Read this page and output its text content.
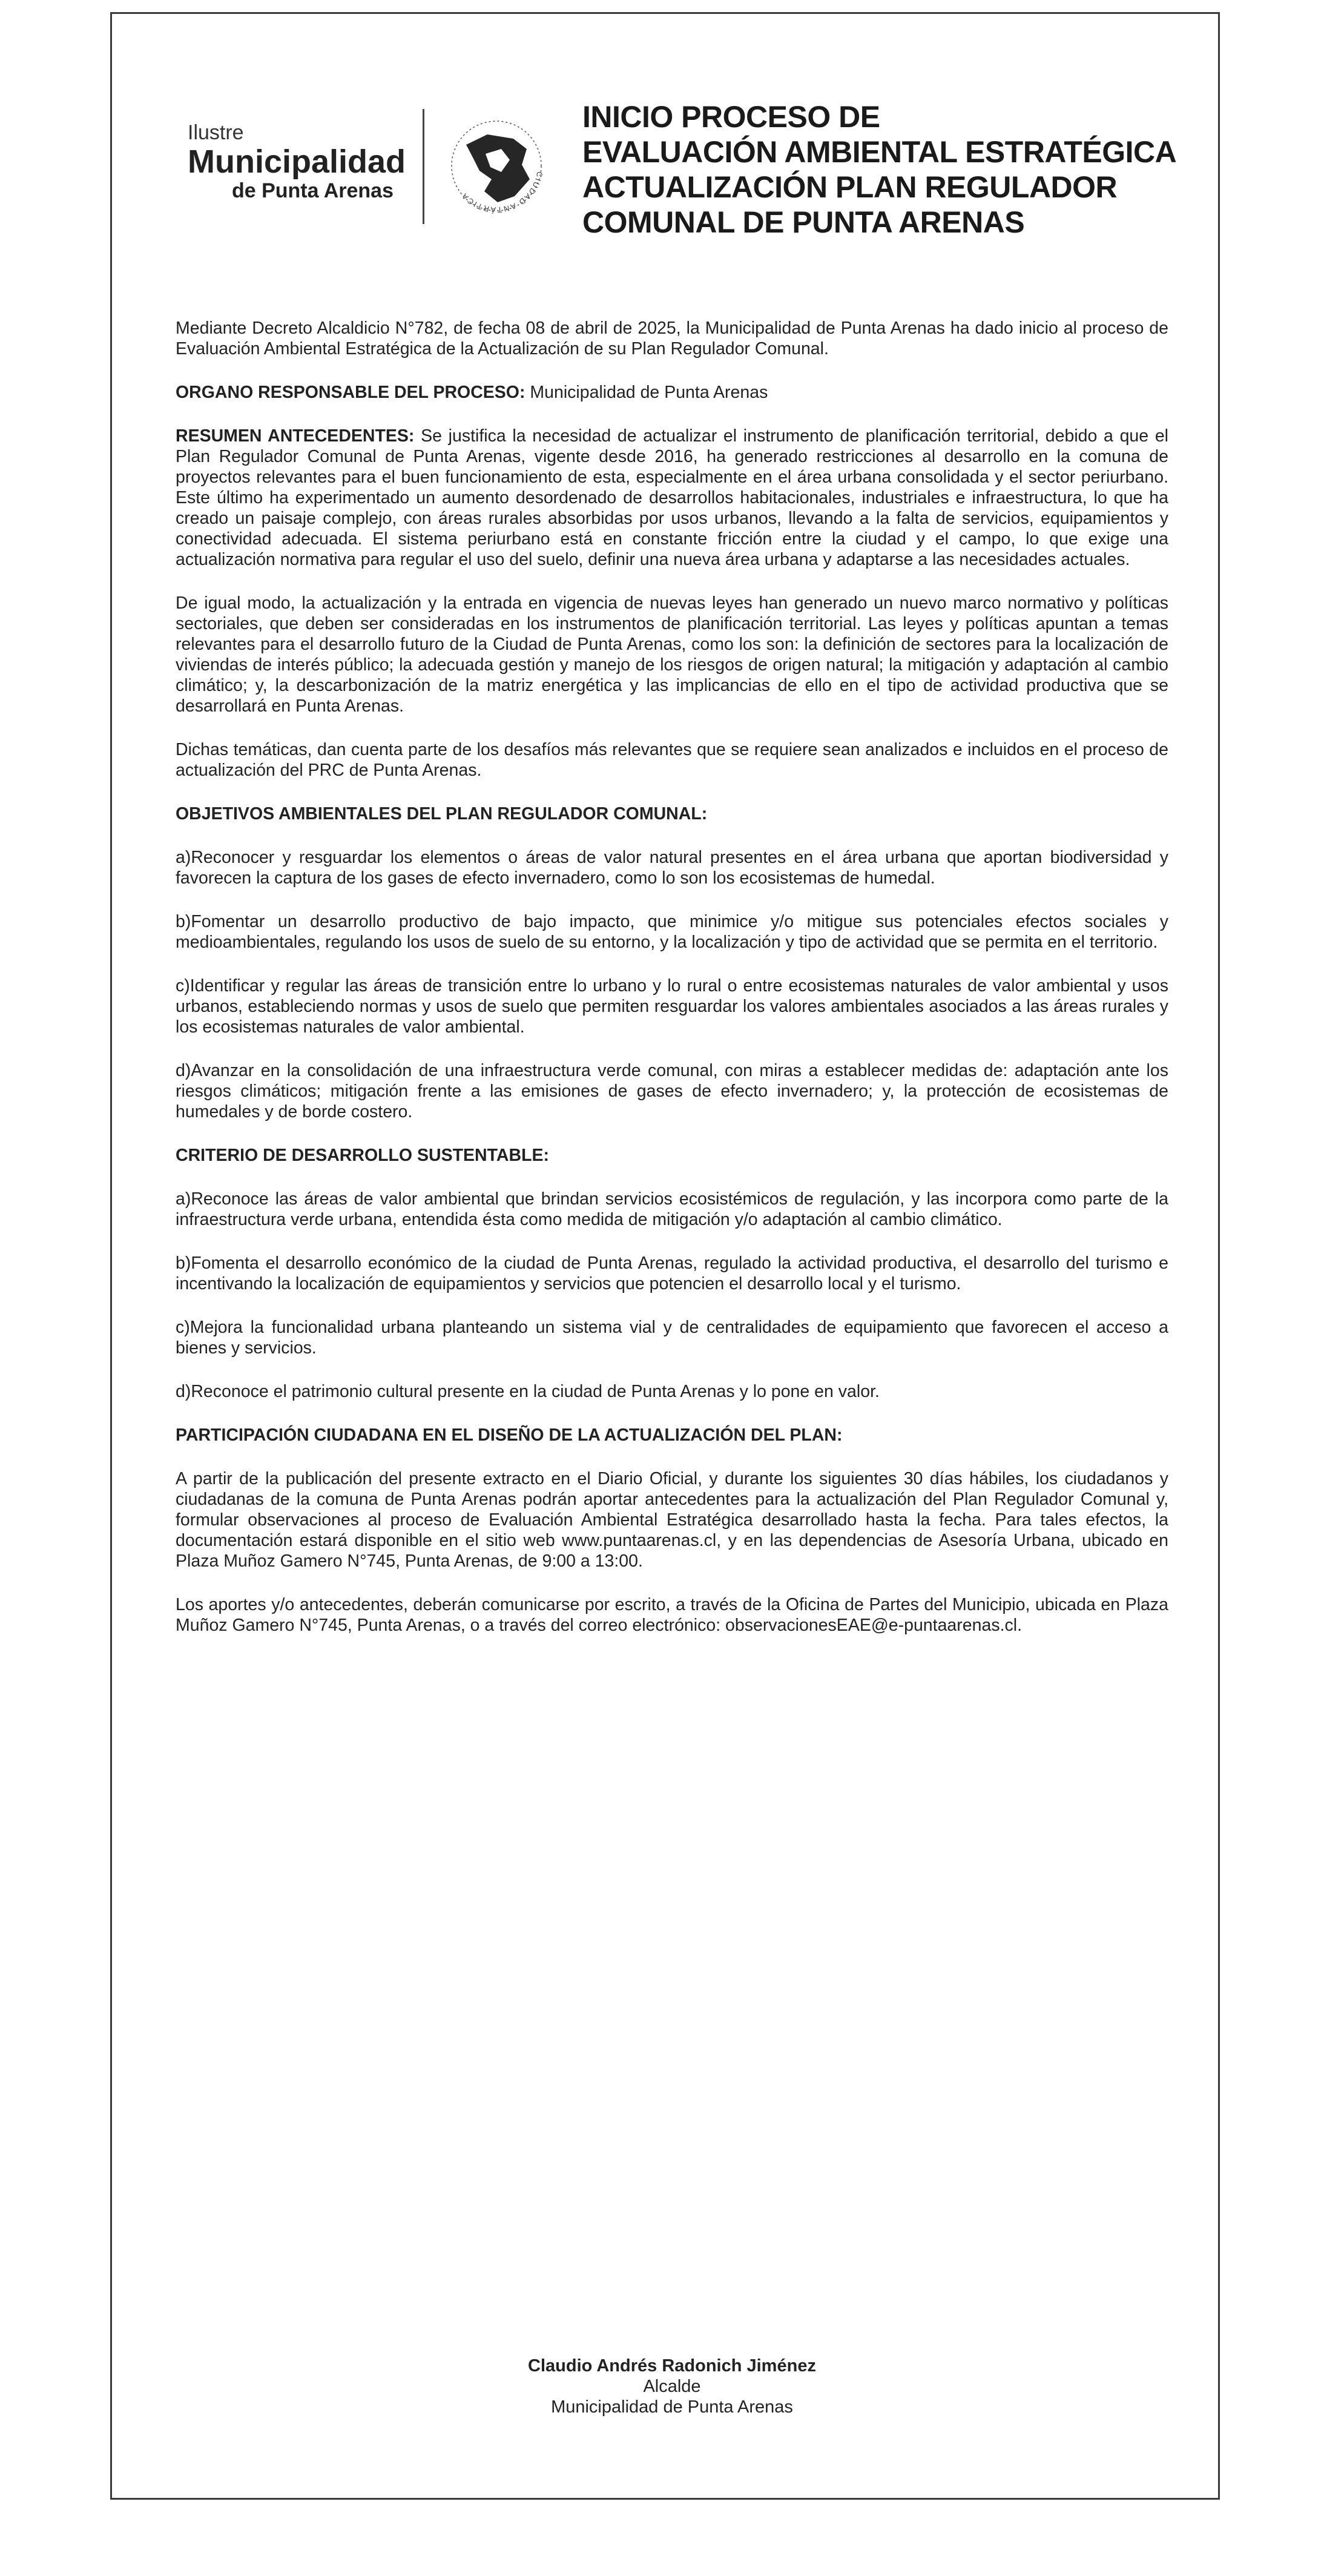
Ilustre
Municipalidad
de Punta Arenas
CIUDAD ANTÁRTICA
INICIO PROCESO DE
EVALUACIÓN AMBIENTAL ESTRATÉGICA
ACTUALIZACIÓN PLAN REGULADOR
COMUNAL DE PUNTA ARENAS

Mediante Decreto Alcaldicio N°782, de fecha 08 de abril de 2025, la Municipalidad de Punta Arenas ha dado inicio al proceso de Evaluación Ambiental Estratégica de la Actualización de su Plan Regulador Comunal.

ORGANO RESPONSABLE DEL PROCESO: Municipalidad de Punta Arenas

RESUMEN ANTECEDENTES: Se justifica la necesidad de actualizar el instrumento de planificación territorial, debido a que el Plan Regulador Comunal de Punta Arenas, vigente desde 2016, ha generado restricciones al desarrollo en la comuna de proyectos relevantes para el buen funcionamiento de esta, especialmente en el área urbana consolidada y el sector periurbano. Este último ha experimentado un aumento desordenado de desarrollos habitacionales, industriales e infraestructura, lo que ha creado un paisaje complejo, con áreas rurales absorbidas por usos urbanos, llevando a la falta de servicios, equipamientos y conectividad adecuada. El sistema periurbano está en constante fricción entre la ciudad y el campo, lo que exige una actualización normativa para regular el uso del suelo, definir una nueva área urbana y adaptarse a las necesidades actuales.

De igual modo, la actualización y la entrada en vigencia de nuevas leyes han generado un nuevo marco normativo y políticas sectoriales, que deben ser consideradas en los instrumentos de planificación territorial. Las leyes y políticas apuntan a temas relevantes para el desarrollo futuro de la Ciudad de Punta Arenas, como los son: la definición de sectores para la localización de viviendas de interés público; la adecuada gestión y manejo de los riesgos de origen natural; la mitigación y adaptación al cambio climático; y, la descarbonización de la matriz energética y las implicancias de ello en el tipo de actividad productiva que se desarrollará en Punta Arenas.

Dichas temáticas, dan cuenta parte de los desafíos más relevantes que se requiere sean analizados e incluidos en el proceso de actualización del PRC de Punta Arenas.

OBJETIVOS AMBIENTALES DEL PLAN REGULADOR COMUNAL:

a)Reconocer y resguardar los elementos o áreas de valor natural presentes en el área urbana que aportan biodiversidad y favorecen la captura de los gases de efecto invernadero, como lo son los ecosistemas de humedal.

b)Fomentar un desarrollo productivo de bajo impacto, que minimice y/o mitigue sus potenciales efectos sociales y medioambientales, regulando los usos de suelo de su entorno, y la localización y tipo de actividad que se permita en el territorio.

c)Identificar y regular las áreas de transición entre lo urbano y lo rural o entre ecosistemas naturales de valor ambiental y usos urbanos, estableciendo normas y usos de suelo que permiten resguardar los valores ambientales asociados a las áreas rurales y los ecosistemas naturales de valor ambiental.

d)Avanzar en la consolidación de una infraestructura verde comunal, con miras a establecer medidas de: adaptación ante los riesgos climáticos; mitigación frente a las emisiones de gases de efecto invernadero; y, la protección de ecosistemas de humedales y de borde costero.

CRITERIO DE DESARROLLO SUSTENTABLE:

a)Reconoce las áreas de valor ambiental que brindan servicios ecosistémicos de regulación, y las incorpora como parte de la infraestructura verde urbana, entendida ésta como medida de mitigación y/o adaptación al cambio climático.

b)Fomenta el desarrollo económico de la ciudad de Punta Arenas, regulado la actividad productiva, el desarrollo del turismo e incentivando la localización de equipamientos y servicios que potencien el desarrollo local y el turismo.

c)Mejora la funcionalidad urbana planteando un sistema vial y de centralidades de equipamiento que favorecen el acceso a bienes y servicios.

d)Reconoce el patrimonio cultural presente en la ciudad de Punta Arenas y lo pone en valor.

PARTICIPACIÓN CIUDADANA EN EL DISEÑO DE LA ACTUALIZACIÓN DEL PLAN:

A partir de la publicación del presente extracto en el Diario Oficial, y durante los siguientes 30 días hábiles, los ciudadanos y ciudadanas de la comuna de Punta Arenas podrán aportar antecedentes para la actualización del Plan Regulador Comunal y, formular observaciones al proceso de Evaluación Ambiental Estratégica desarrollado hasta la fecha. Para tales efectos, la documentación estará disponible en el sitio web www.puntaarenas.cl, y en las dependencias de Asesoría Urbana, ubicado en Plaza Muñoz Gamero N°745, Punta Arenas, de 9:00 a 13:00.

Los aportes y/o antecedentes, deberán comunicarse por escrito, a través de la Oficina de Partes del Municipio, ubicada en Plaza Muñoz Gamero N°745, Punta Arenas, o a través del correo electrónico: observacionesEAE@e-puntaarenas.cl.

Claudio Andrés Radonich Jiménez
Alcalde
Municipalidad de Punta Arenas
